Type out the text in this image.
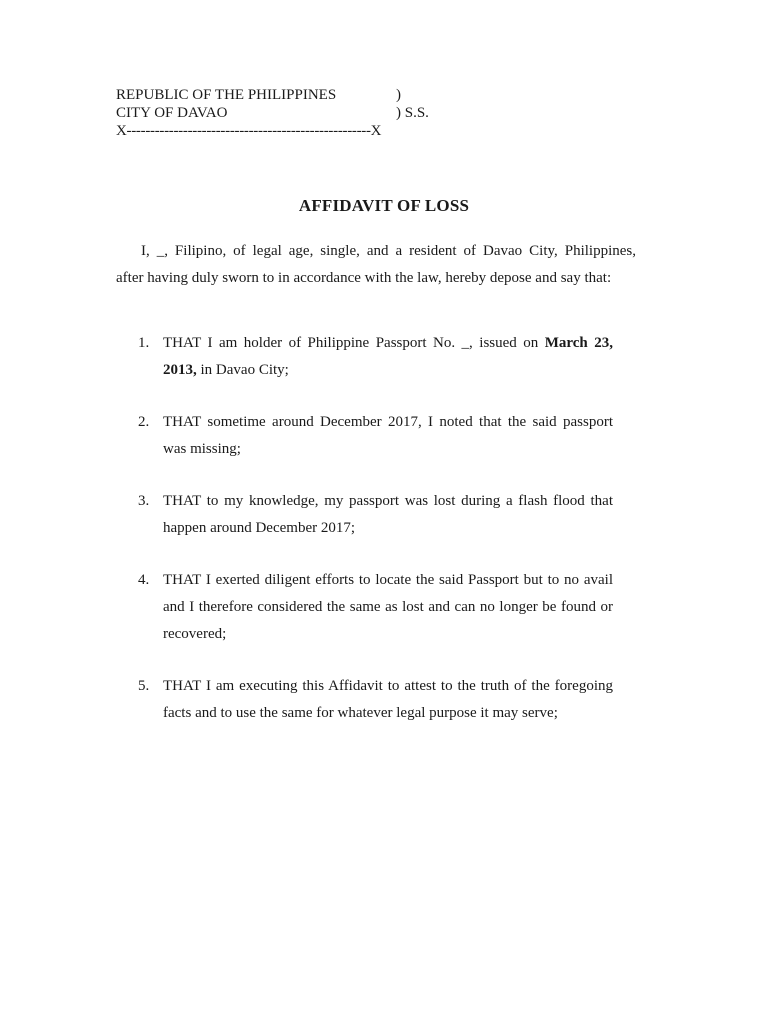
REPUBLIC OF THE PHILIPPINES	)
CITY OF DAVAO	) S.S.
X----------------------------------------------------X
AFFIDAVIT OF LOSS
I, _, Filipino, of legal age, single, and a resident of Davao City, Philippines,
after having duly sworn to in accordance with the law, hereby depose and say that:
1. THAT I am holder of Philippine Passport No. _, issued on March 23, 2013, in Davao City;
2. THAT sometime around December 2017, I noted that the said passport was missing;
3. THAT to my knowledge, my passport was lost during a flash flood that happen around December 2017;
4. THAT I exerted diligent efforts to locate the said Passport but to no avail and I therefore considered the same as lost and can no longer be found or recovered;
5. THAT I am executing this Affidavit to attest to the truth of the foregoing facts and to use the same for whatever legal purpose it may serve;
